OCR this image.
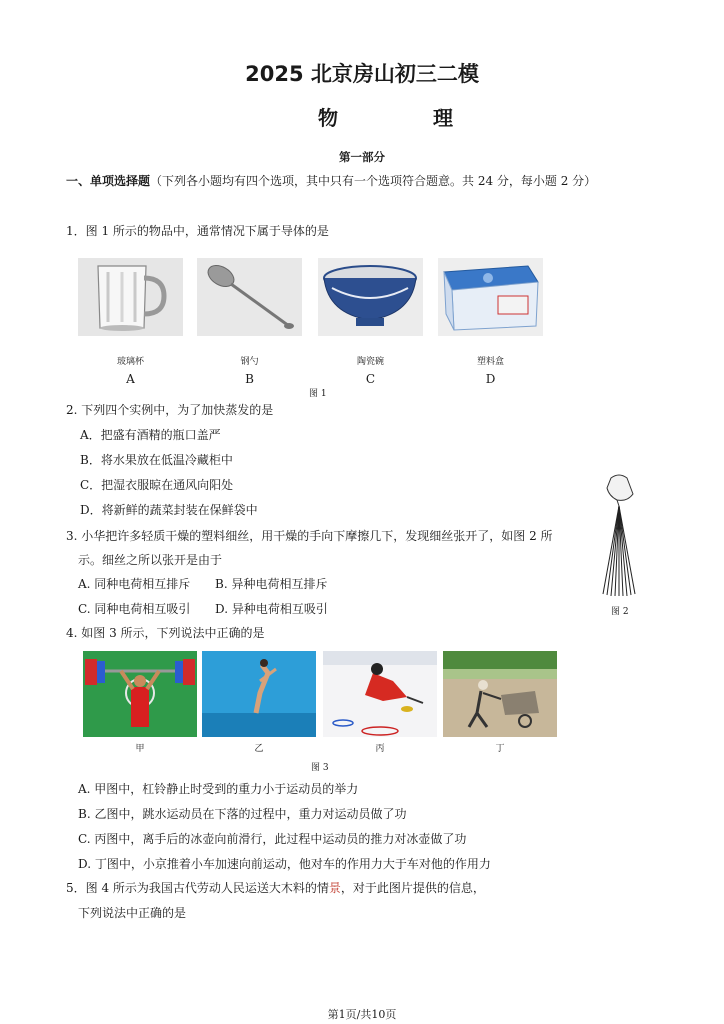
2025 北京房山初三二模
物 理
第一部分
一、单项选择题（下列各小题均有四个选项，其中只有一个选项符合题意。共 24 分，每小题 2 分）
1．图 1 所示的物品中，通常情况下属于导体的是
玻璃杯	钢勺	陶瓷碗	塑料盒
A	B	C	D
图 1
2. 下列四个实例中，为了加快蒸发的是
A．把盛有酒精的瓶口盖严
B．将水果放在低温冷藏柜中
C．把湿衣服晾在通风向阳处
D．将新鲜的蔬菜封装在保鲜袋中
3. 小华把许多轻质干燥的塑料细丝，用干燥的手向下摩擦几下，发现细丝张开了，如图 2 所
示。细丝之所以张开是由于
A. 同种电荷相互排斥 B. 异种电荷相互排斥
C. 同种电荷相互吸引 D. 异种电荷相互吸引	图 2
4. 如图 3 所示，下列说法中正确的是
甲	乙	丙	丁
图 3
A. 甲图中，杠铃静止时受到的重力小于运动员的举力
B. 乙图中，跳水运动员在下落的过程中，重力对运动员做了功
C. 丙图中，离手后的冰壶向前滑行，此过程中运动员的推力对冰壶做了功
D. 丁图中，小京推着小车加速向前运动，他对车的作用力大于车对他的作用力
5．图 4 所示为我国古代劳动人民运送大木料的情景，对于此图片提供的信息，
下列说法中正确的是
第1页/共10页
